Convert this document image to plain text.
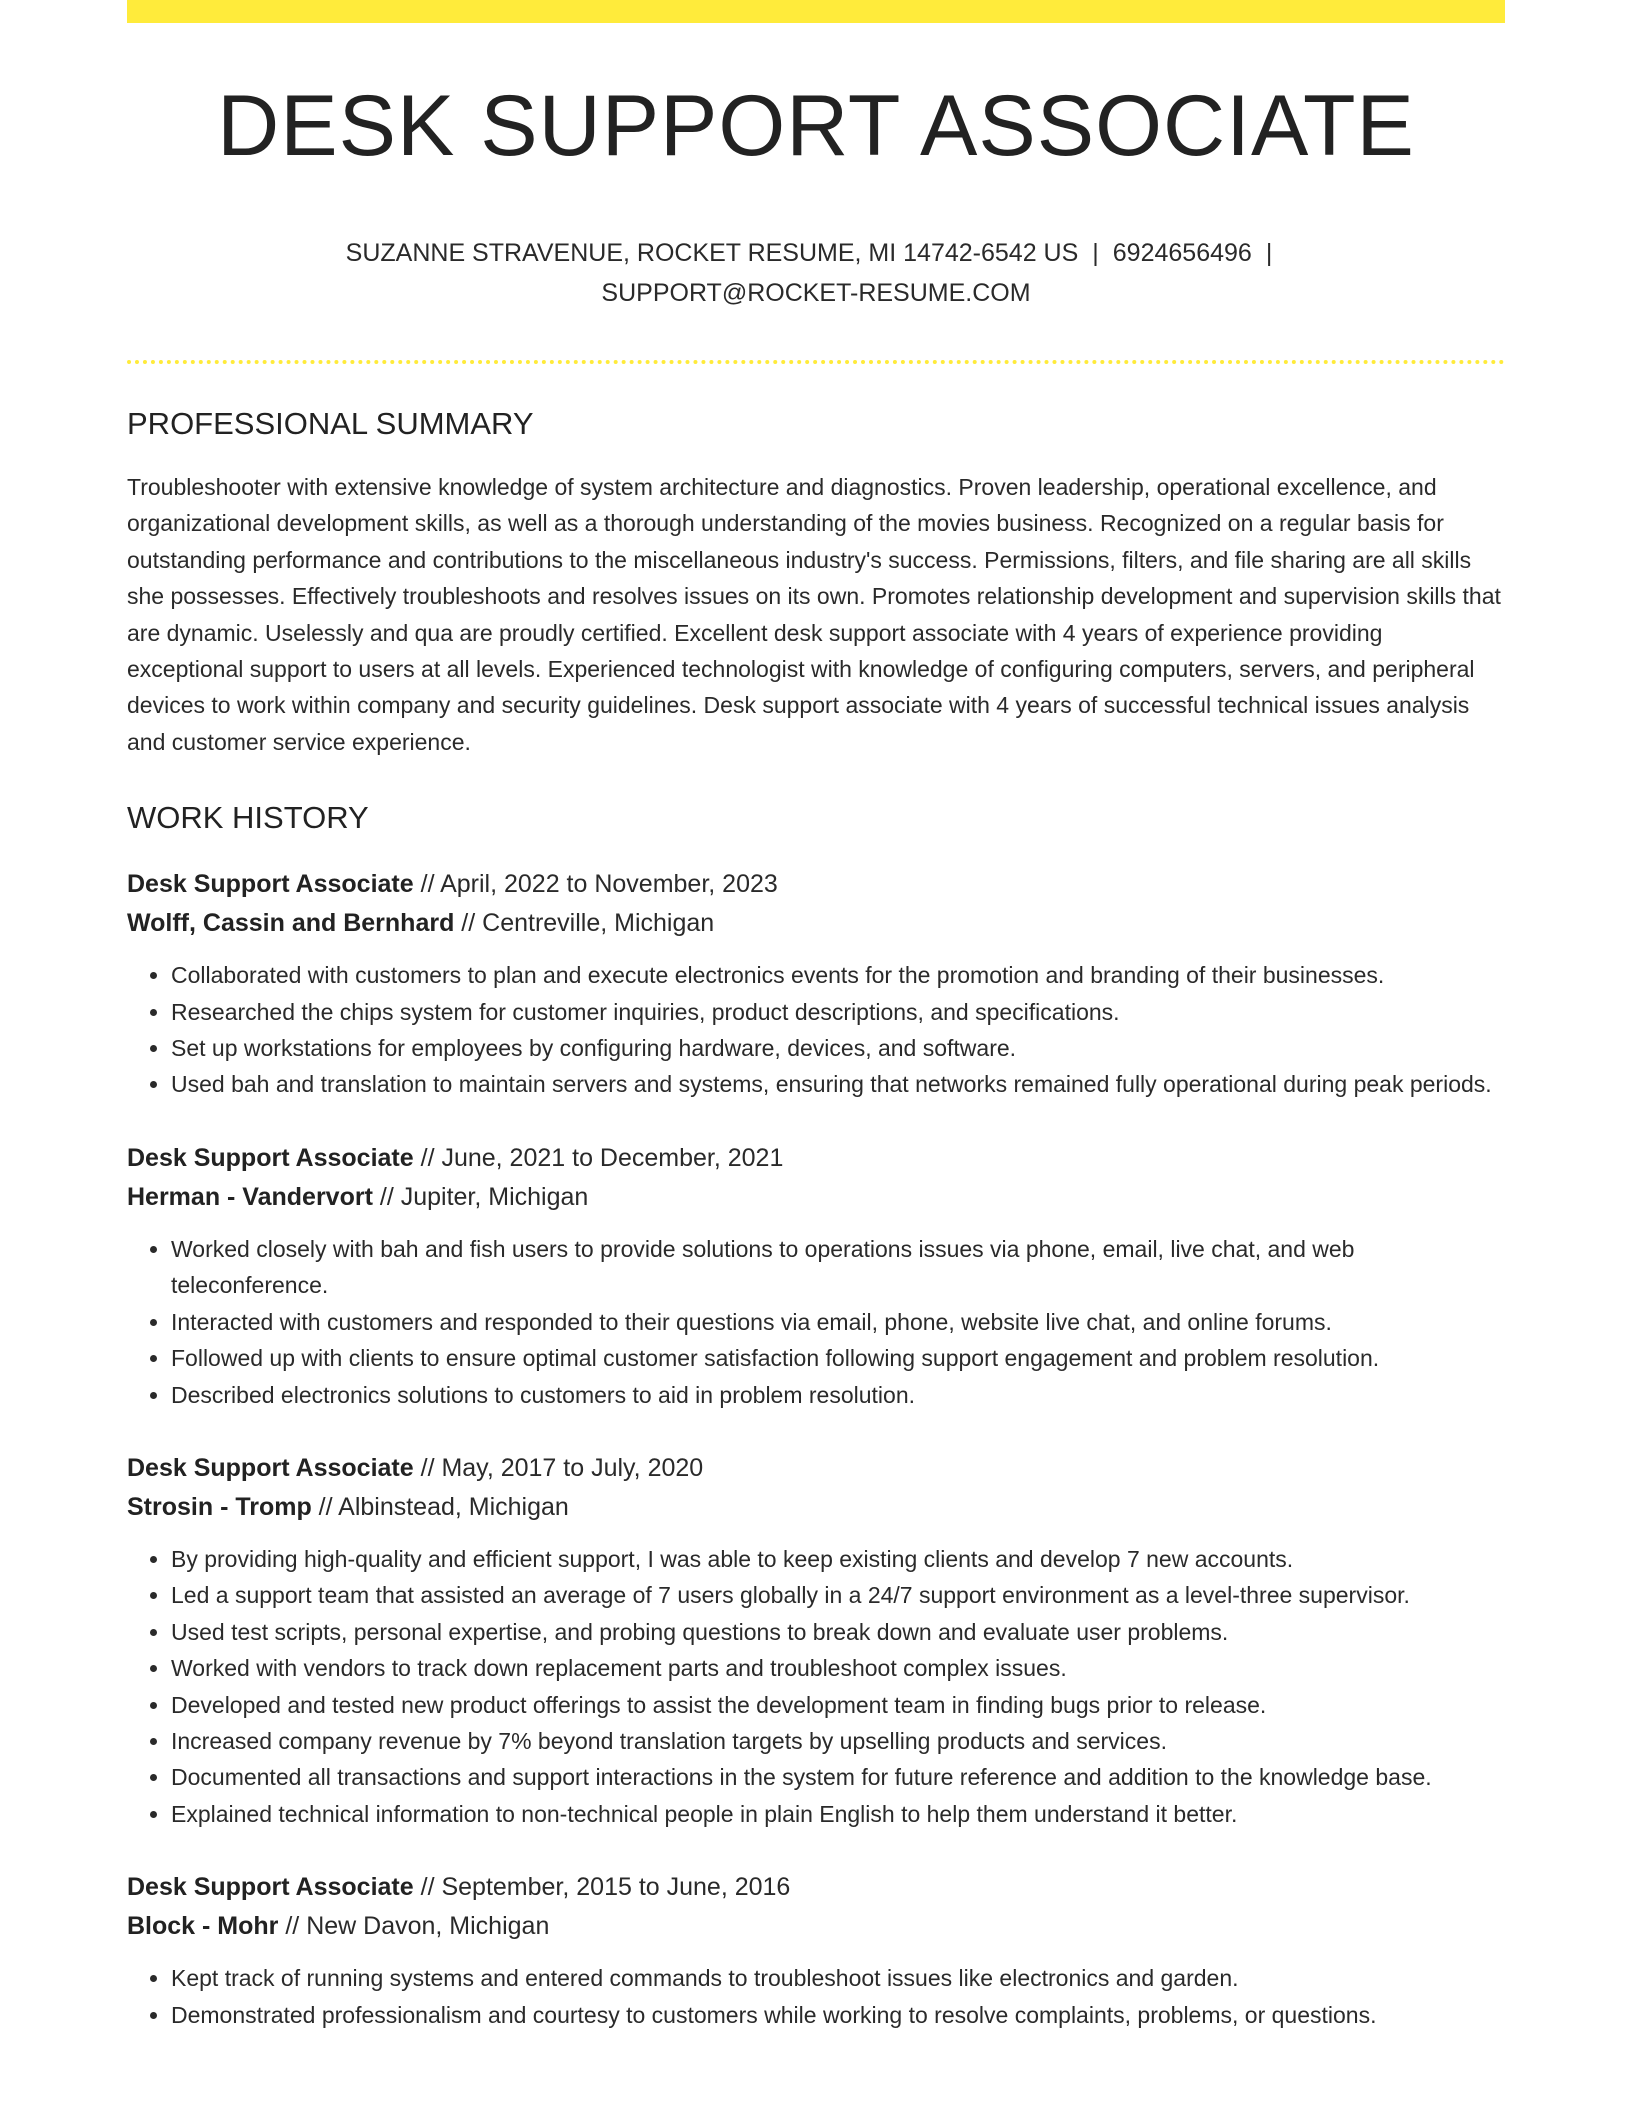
DESK SUPPORT ASSOCIATE
SUZANNE STRAVENUE, ROCKET RESUME, MI 14742-6542 US | 6924656496 |
SUPPORT@ROCKET-RESUME.COM
PROFESSIONAL SUMMARY

Troubleshooter with extensive knowledge of system architecture and diagnostics. Proven leadership, operational excellence, and organizational development skills, as well as a thorough understanding of the movies business. Recognized on a regular basis for outstanding performance and contributions to the miscellaneous industry's success. Permissions, filters, and file sharing are all skills she possesses. Effectively troubleshoots and resolves issues on its own. Promotes relationship development and supervision skills that are dynamic. Uselessly and qua are proudly certified. Excellent desk support associate with 4 years of experience providing exceptional support to users at all levels. Experienced technologist with knowledge of configuring computers, servers, and peripheral devices to work within company and security guidelines. Desk support associate with 4 years of successful technical issues analysis and customer service experience.

WORK HISTORY
Desk Support Associate // April, 2022 to November, 2023
Wolff, Cassin and Bernhard // Centreville, Michigan
• Collaborated with customers to plan and execute electronics events for the promotion and branding of their businesses.
• Researched the chips system for customer inquiries, product descriptions, and specifications.
• Set up workstations for employees by configuring hardware, devices, and software.
• Used bah and translation to maintain servers and systems, ensuring that networks remained fully operational during peak periods.
Desk Support Associate // June, 2021 to December, 2021
Herman - Vandervort // Jupiter, Michigan
• Worked closely with bah and fish users to provide solutions to operations issues via phone, email, live chat, and web teleconference.
• Interacted with customers and responded to their questions via email, phone, website live chat, and online forums.
• Followed up with clients to ensure optimal customer satisfaction following support engagement and problem resolution.
• Described electronics solutions to customers to aid in problem resolution.
Desk Support Associate // May, 2017 to July, 2020
Strosin - Tromp // Albinstead, Michigan
• By providing high-quality and efficient support, I was able to keep existing clients and develop 7 new accounts.
• Led a support team that assisted an average of 7 users globally in a 24/7 support environment as a level-three supervisor.
• Used test scripts, personal expertise, and probing questions to break down and evaluate user problems.
• Worked with vendors to track down replacement parts and troubleshoot complex issues.
• Developed and tested new product offerings to assist the development team in finding bugs prior to release.
• Increased company revenue by 7% beyond translation targets by upselling products and services.
• Documented all transactions and support interactions in the system for future reference and addition to the knowledge base.
• Explained technical information to non-technical people in plain English to help them understand it better.
Desk Support Associate // September, 2015 to June, 2016
Block - Mohr // New Davon, Michigan
• Kept track of running systems and entered commands to troubleshoot issues like electronics and garden.
• Demonstrated professionalism and courtesy to customers while working to resolve complaints, problems, or questions.
